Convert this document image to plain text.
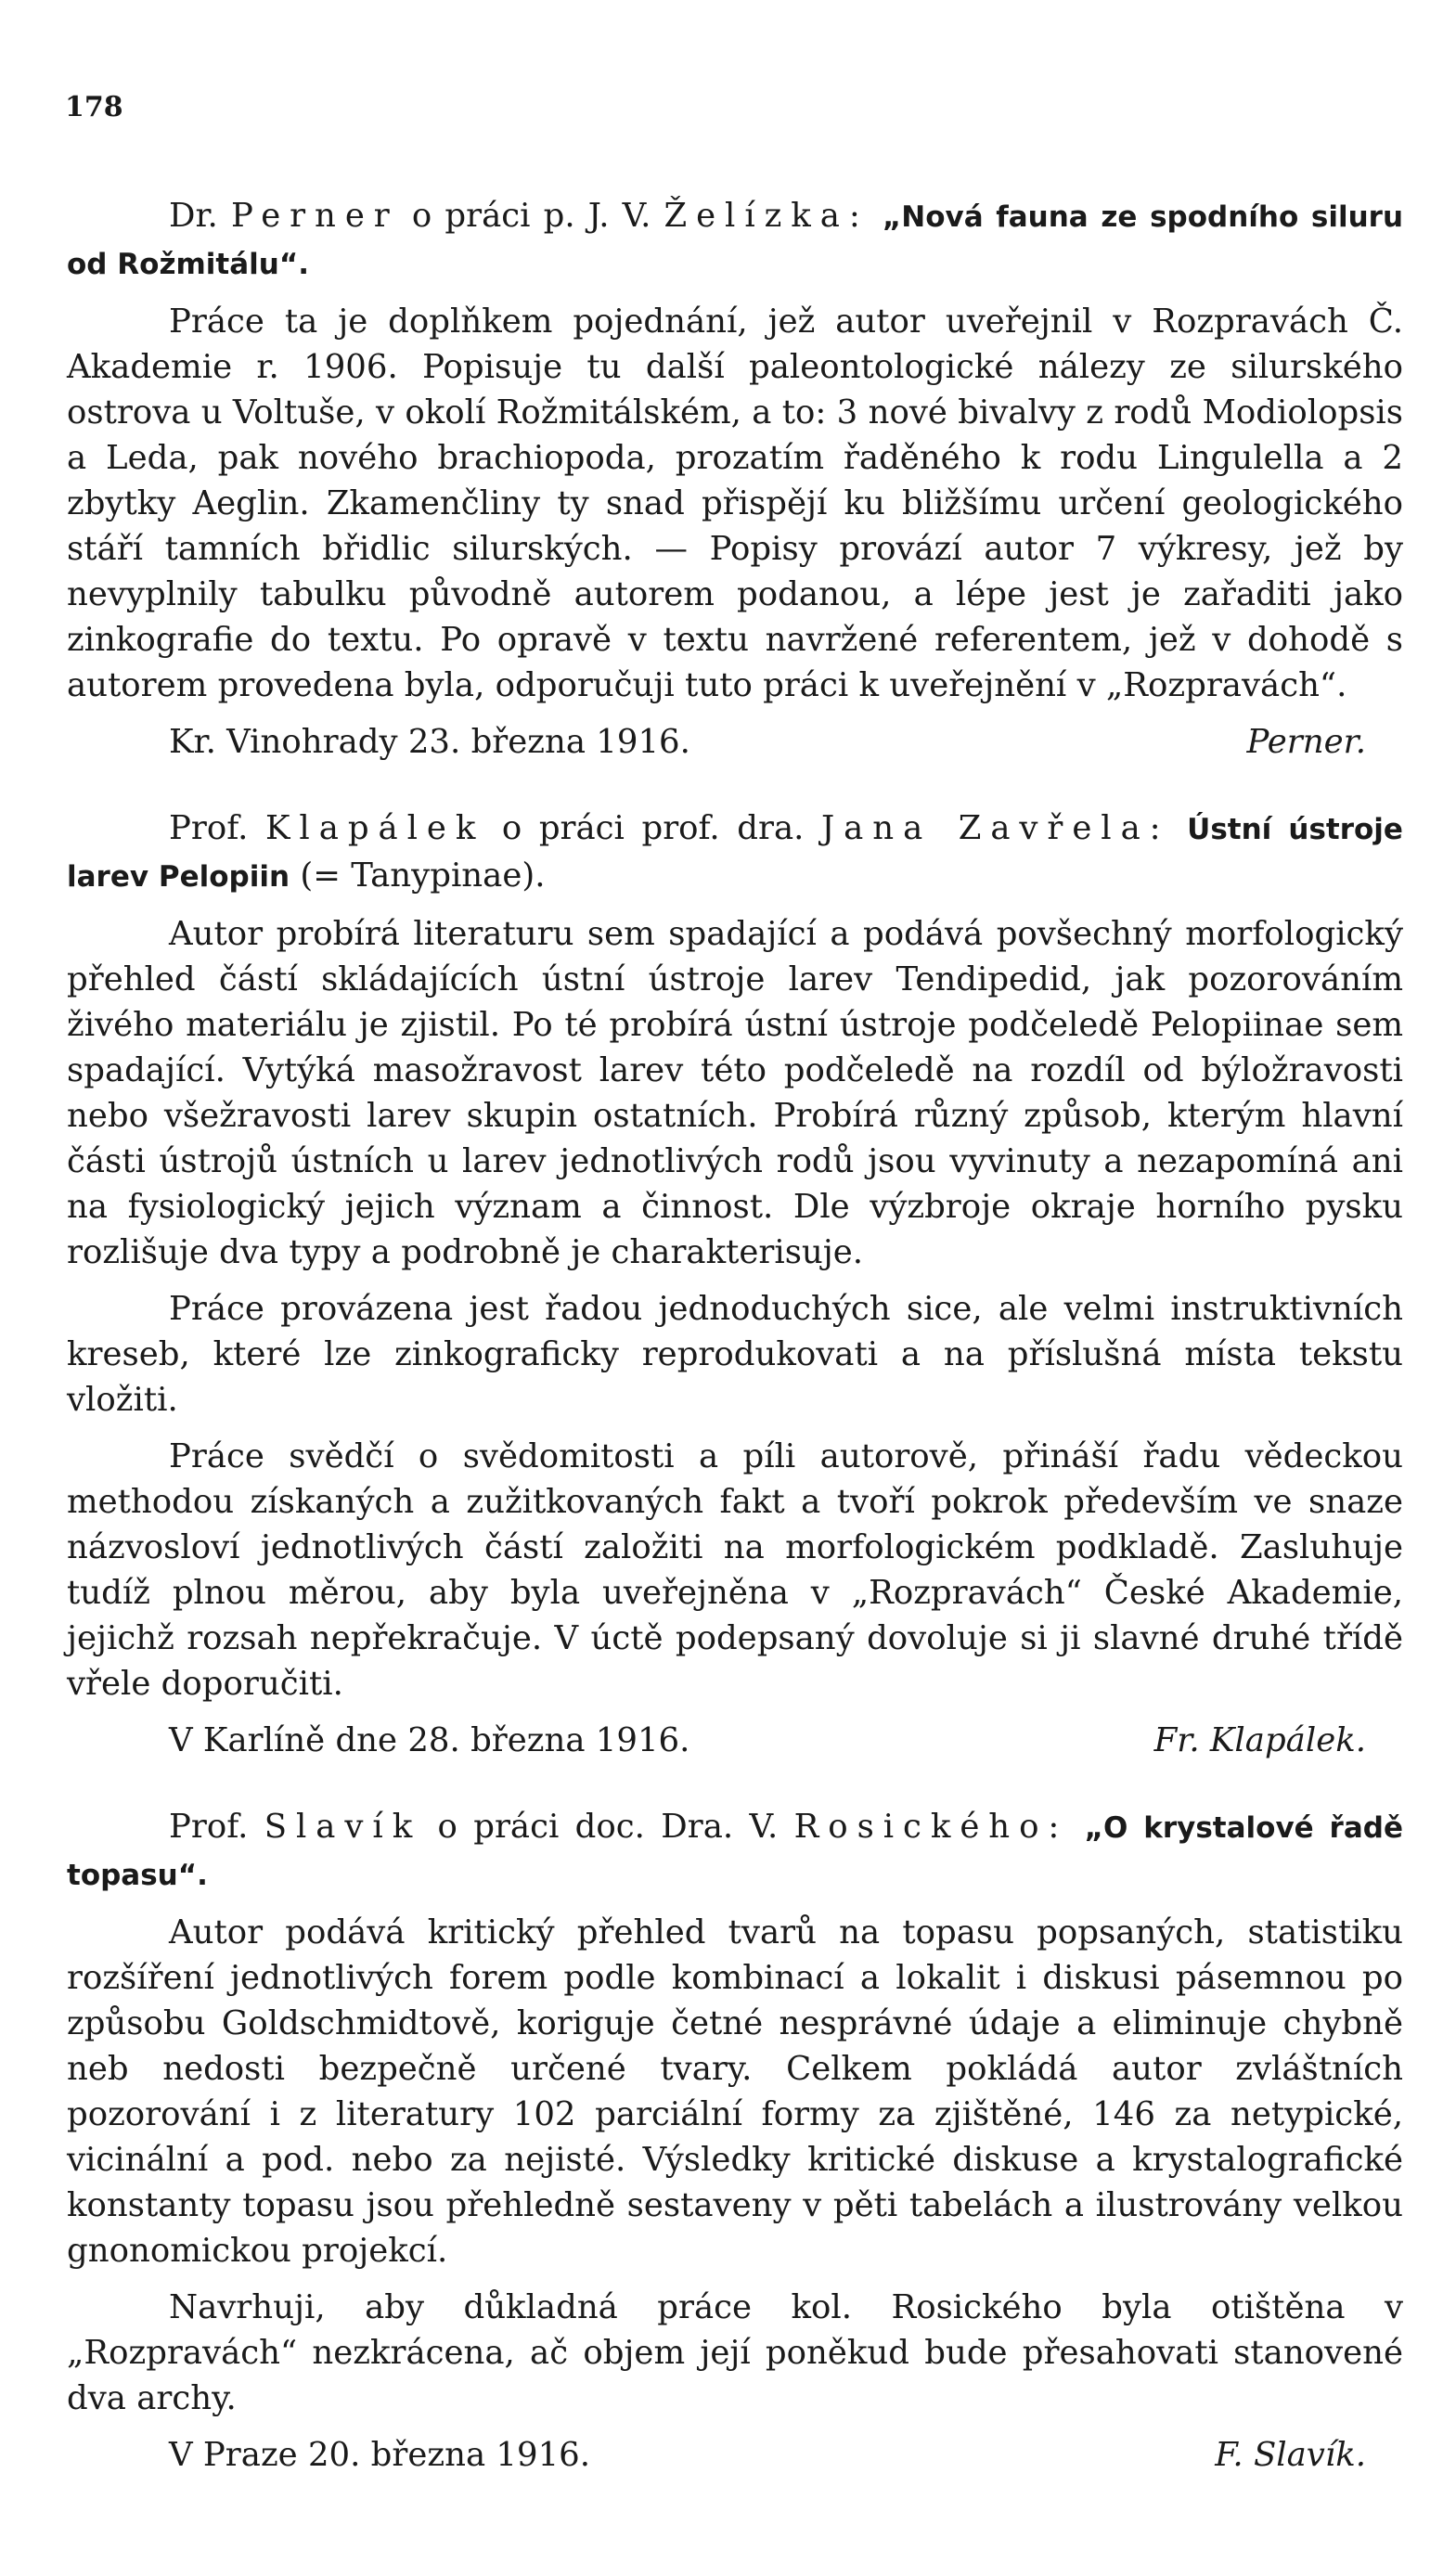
178

Dr. Perner o práci p. J. V. Želízka: „Nová fauna ze spodního siluru od Rožmitálu“.

Práce ta je doplňkem pojednání, jež autor uveřejnil v Rozpravách Č. Akademie r. 1906. Popisuje tu další paleontologické nálezy ze silurského ostrova u Voltuše, v okolí Rožmitálském, a to: 3 nové bivalvy z rodů Modiolopsis a Leda, pak nového brachiopoda, prozatím řaděného k rodu Lingulella a 2 zbytky Aeglin. Zkamenčliny ty snad přispějí ku bližšímu určení geologického stáří tamních břidlic silurských. — Popisy provází autor 7 výkresy, jež by nevyplnily tabulku původně autorem podanou, a lépe jest je zařaditi jako zinkografie do textu. Po opravě v textu navržené referentem, jež v dohodě s autorem provedena byla, odporučuji tuto práci k uveřejnění v „Rozpravách“.

Kr. Vinohrady 23. března 1916.	Perner.

Prof. Klapálek o práci prof. dra. Jana Zavřela: Ústní ústroje larev Pelopiin (= Tanypinae).

Autor probírá literaturu sem spadající a podává povšechný morfologický přehled částí skládajících ústní ústroje larev Tendipedid, jak pozorováním živého materiálu je zjistil. Po té probírá ústní ústroje podčeledě Pelopiinae sem spadající. Vytýká masožravost larev této podčeledě na rozdíl od býložravosti nebo všežravosti larev skupin ostatních. Probírá různý způsob, kterým hlavní části ústrojů ústních u larev jednotlivých rodů jsou vyvinuty a nezapomíná ani na fysiologický jejich význam a činnost. Dle výzbroje okraje horního pysku rozlišuje dva typy a podrobně je charakterisuje.

Práce provázena jest řadou jednoduchých sice, ale velmi instruktivních kreseb, které lze zinkograficky reprodukovati a na příslušná místa tekstu vložiti.

Práce svědčí o svědomitosti a píli autorově, přináší řadu vědeckou methodou získaných a zužitkovaných fakt a tvoří pokrok především ve snaze názvosloví jednotlivých částí založiti na morfologickém podkladě. Zasluhuje tudíž plnou měrou, aby byla uveřejněna v „Rozpravách“ České Akademie, jejichž rozsah nepřekračuje. V úctě podepsaný dovoluje si ji slavné druhé třídě vřele doporučiti.

V Karlíně dne 28. března 1916.	Fr. Klapálek.

Prof. Slavík o práci doc. Dra. V. Rosického: „O krystalové řadě topasu“.

Autor podává kritický přehled tvarů na topasu popsaných, statistiku rozšíření jednotlivých forem podle kombinací a lokalit i diskusi pásemnou po způsobu Goldschmidtově, koriguje četné nesprávné údaje a eliminuje chybně neb nedosti bezpečně určené tvary. Celkem pokládá autor zvláštních pozorování i z literatury 102 parciální formy za zjištěné, 146 za netypické, vicinální a pod. nebo za nejisté. Výsledky kritické diskuse a krystalografické konstanty topasu jsou přehledně sestaveny v pěti tabelách a ilustrovány velkou gnonomickou projekcí.

Navrhuji, aby důkladná práce kol. Rosického byla otištěna v „Rozpravách“ nezkrácena, ač objem její poněkud bude přesahovati stanovené dva archy.

V Praze 20. března 1916.	F. Slavík.
